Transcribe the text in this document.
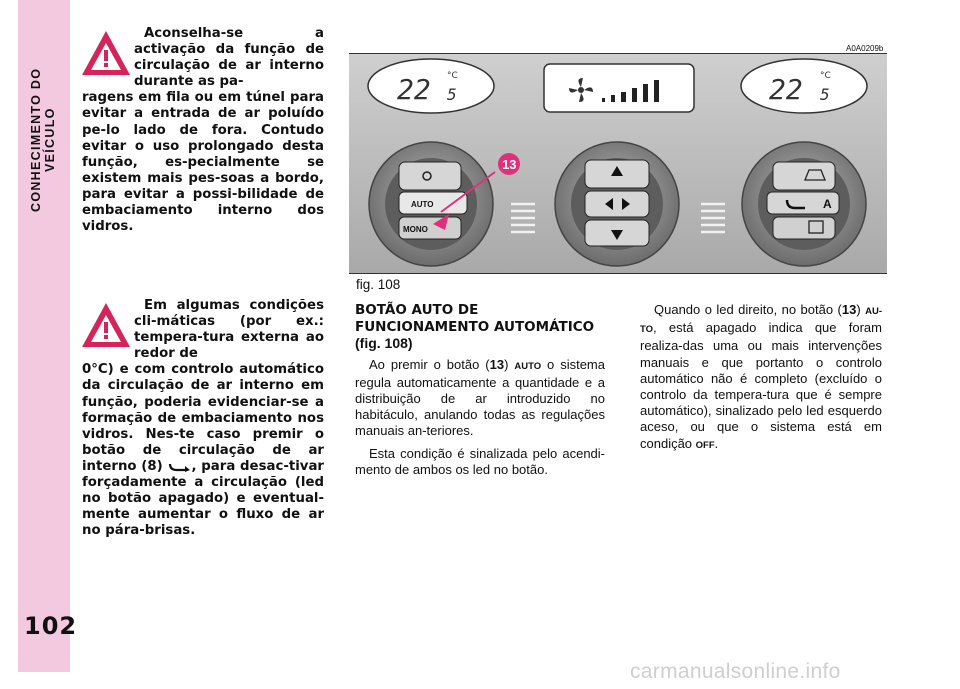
CONHECIMENTO DO VEÍCULO
102

Aconselha-se a activação da função de circulação de ar interno durante as pa-

ragens em fila ou em túnel para evitar a entrada de ar poluído pe-lo lado de fora. Contudo evitar o uso prolongado desta função, es-pecialmente se existem mais pes-soas a bordo, para evitar a possi-bilidade de embaciamento interno dos vidros.

Em algumas condições cli-máticas (por ex.: tempera-tura externa ao redor de

0°C) e com controlo automático da circulação de ar interno em função, poderia evidenciar-se a formação de embaciamento nos vidros. Nes-te caso premir o botão de circulação de ar interno (8) , para desac-tivar forçadamente a circulação (led no botão apagado) e eventual-mente aumentar o fluxo de ar no pára-brisas.

A0A0209b
22 5
°C	22 5
°C
AUTO
MONO
A
13
fig. 108
BOTÃO AUTO DE FUNCIONAMENTO AUTOMÁTICO (fig. 108)

Ao premir o botão (13) AUTO o sistema regula automaticamente a quantidade e a distribuição de ar introduzido no habitáculo, anulando todas as regulações manuais an-teriores.

Esta condição é sinalizada pelo acendi-mento de ambos os led no botão.

Quando o led direito, no botão (13) AU-TO, está apagado indica que foram realiza-das uma ou mais intervenções manuais e que portanto o controlo automático não é completo (excluído o controlo da tempera-tura que é sempre automático), sinalizado pelo led esquerdo aceso, ou que o sistema está em condição OFF.

carmanualsonline.info
